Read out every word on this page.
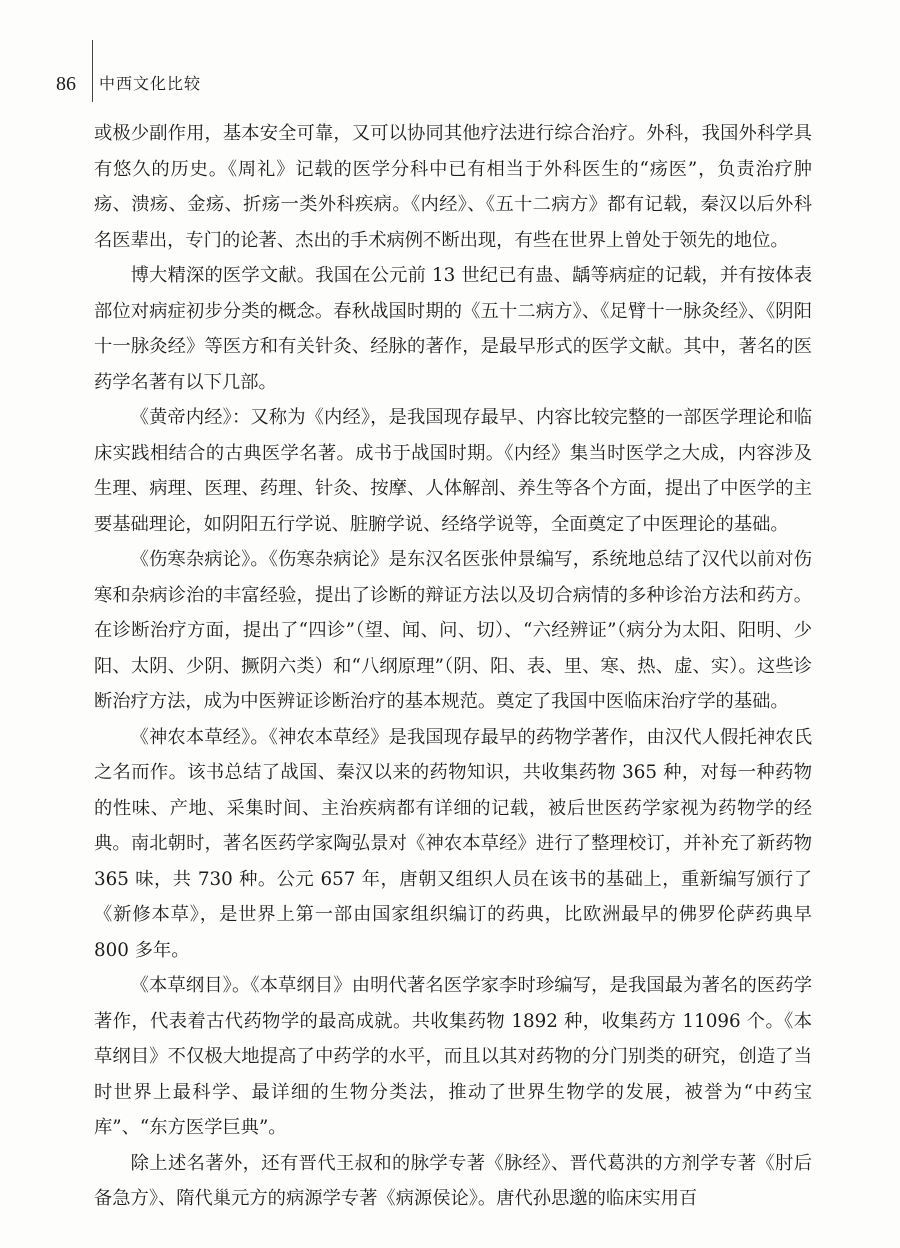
86 中西文化比较

或极少副作用，基本安全可靠，又可以协同其他疗法进行综合治疗。外科，我国外科学具有悠久的历史。《周礼》记载的医学分科中已有相当于外科医生的“疡医”，负责治疗肿疡、溃疡、金疡、折疡一类外科疾病。《内经》、《五十二病方》都有记载，秦汉以后外科名医辈出，专门的论著、杰出的手术病例不断出现，有些在世界上曾处于领先的地位。

博大精深的医学文献。我国在公元前 13 世纪已有蛊、龋等病症的记载，并有按体表部位对病症初步分类的概念。春秋战国时期的《五十二病方》、《足臂十一脉灸经》、《阴阳十一脉灸经》等医方和有关针灸、经脉的著作，是最早形式的医学文献。其中，著名的医药学名著有以下几部。

《黄帝内经》：又称为《内经》，是我国现存最早、内容比较完整的一部医学理论和临床实践相结合的古典医学名著。成书于战国时期。《内经》集当时医学之大成，内容涉及生理、病理、医理、药理、针灸、按摩、人体解剖、养生等各个方面，提出了中医学的主要基础理论，如阴阳五行学说、脏腑学说、经络学说等，全面奠定了中医理论的基础。

《伤寒杂病论》。《伤寒杂病论》是东汉名医张仲景编写，系统地总结了汉代以前对伤寒和杂病诊治的丰富经验，提出了诊断的辩证方法以及切合病情的多种诊治方法和药方。在诊断治疗方面，提出了“四诊”（望、闻、问、切）、“六经辨证”（病分为太阳、阳明、少阳、太阴、少阴、撅阴六类）和“八纲原理”（阴、阳、表、里、寒、热、虚、实）。这些诊断治疗方法，成为中医辨证诊断治疗的基本规范。奠定了我国中医临床治疗学的基础。

《神农本草经》。《神农本草经》是我国现存最早的药物学著作，由汉代人假托神农氏之名而作。该书总结了战国、秦汉以来的药物知识，共收集药物 365 种，对每一种药物的性味、产地、采集时间、主治疾病都有详细的记载，被后世医药学家视为药物学的经典。南北朝时，著名医药学家陶弘景对《神农本草经》进行了整理校订，并补充了新药物 365 味，共 730 种。公元 657 年，唐朝又组织人员在该书的基础上，重新编写颁行了《新修本草》，是世界上第一部由国家组织编订的药典，比欧洲最早的佛罗伦萨药典早 800 多年。

《本草纲目》。《本草纲目》由明代著名医学家李时珍编写，是我国最为著名的医药学著作，代表着古代药物学的最高成就。共收集药物 1892 种，收集药方 11096 个。《本草纲目》不仅极大地提高了中药学的水平，而且以其对药物的分门别类的研究，创造了当时世界上最科学、最详细的生物分类法，推动了世界生物学的发展，被誉为“中药宝库”、“东方医学巨典”。

除上述名著外，还有晋代王叔和的脉学专著《脉经》、晋代葛洪的方剂学专著《肘后备急方》、隋代巢元方的病源学专著《病源侯论》。唐代孙思邈的临床实用百
